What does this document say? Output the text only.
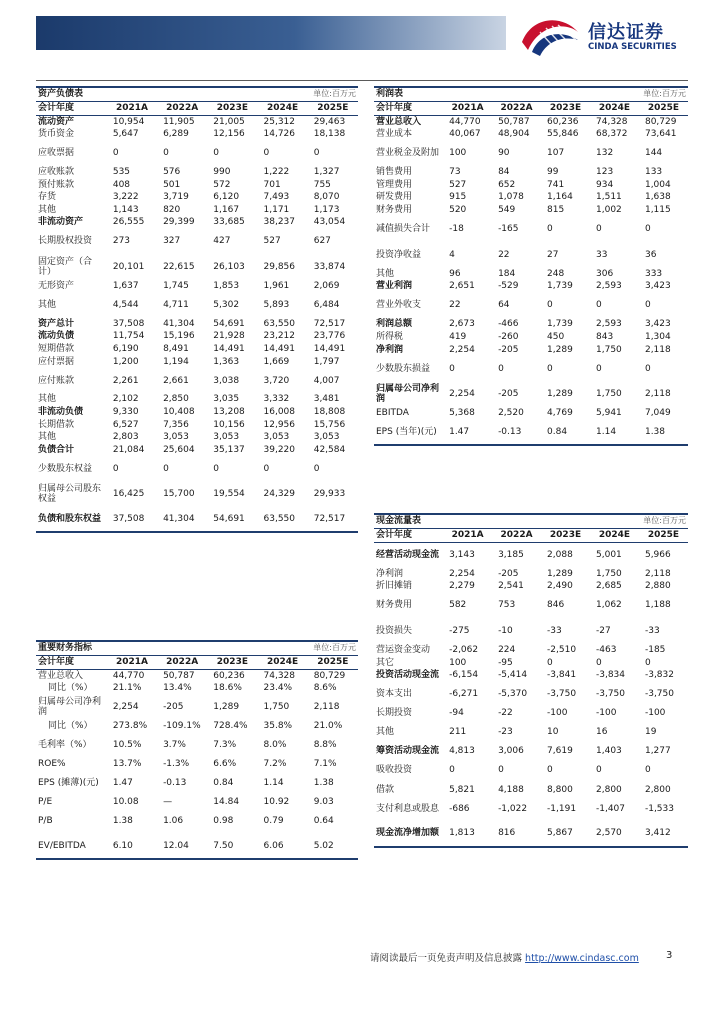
信达证券
CINDA SECURITIES
资产负债表			单位:百万元		
会计年度	2021A	2022A	2023E	2024E	2025E
流动资产	10,954	11,905	21,005	25,312	29,463
货币资金	5,647	6,289	12,156	14,726	18,138
应收票据	0	0	0	0	0
应收账款	535	576	990	1,222	1,327
预付账款	408	501	572	701	755
存货	3,222	3,719	6,120	7,493	8,070
其他	1,143	820	1,167	1,171	1,173
非流动资产	26,555	29,399	33,685	38,237	43,054
长期股权投资	273	327	427	527	627
固定资产（合计）	20,101	22,615	26,103	29,856	33,874
无形资产	1,637	1,745	1,853	1,961	2,069
其他	4,544	4,711	5,302	5,893	6,484
资产总计	37,508	41,304	54,691	63,550	72,517
流动负债	11,754	15,196	21,928	23,212	23,776
短期借款	6,190	8,491	14,491	14,491	14,491
应付票据	1,200	1,194	1,363	1,669	1,797
应付账款	2,261	2,661	3,038	3,720	4,007
其他	2,102	2,850	3,035	3,332	3,481
非流动负债	9,330	10,408	13,208	16,008	18,808
长期借款	6,527	7,356	10,156	12,956	15,756
其他	2,803	3,053	3,053	3,053	3,053
负债合计	21,084	25,604	35,137	39,220	42,584
少数股东权益	0	0	0	0	0
归属母公司股东权益	16,425	15,700	19,554	24,329	29,933
负债和股东权益	37,508	41,304	54,691	63,550	72,517
利润表			单位:百万元		
会计年度	2021A	2022A	2023E	2024E	2025E
营业总收入	44,770	50,787	60,236	74,328	80,729
营业成本	40,067	48,904	55,846	68,372	73,641
营业税金及附加	100	90	107	132	144
销售费用	73	84	99	123	133
管理费用	527	652	741	934	1,004
研发费用	915	1,078	1,164	1,511	1,638
财务费用	520	549	815	1,002	1,115
减值损失合计	-18	-165	0	0	0
投资净收益	4	22	27	33	36
其他	96	184	248	306	333
营业利润	2,651	-529	1,739	2,593	3,423
营业外收支	22	64	0	0	0
利润总额	2,673	-466	1,739	2,593	3,423
所得税	419	-260	450	843	1,304
净利润	2,254	-205	1,289	1,750	2,118
少数股东损益	0	0	0	0	0
归属母公司净利润	2,254	-205	1,289	1,750	2,118
EBITDA	5,368	2,520	4,769	5,941	7,049
EPS (当年)(元)	1.47	-0.13	0.84	1.14	1.38
重要财务指标			单位:百万元		
会计年度	2021A	2022A	2023E	2024E	2025E
营业总收入	44,770	50,787	60,236	74,328	80,729
同比（%）	21.1%	13.4%	18.6%	23.4%	8.6%
归属母公司净利润	2,254	-205	1,289	1,750	2,118
同比（%）	273.8%	-109.1%	728.4%	35.8%	21.0%
毛利率（%）	10.5%	3.7%	7.3%	8.0%	8.8%
ROE%	13.7%	-1.3%	6.6%	7.2%	7.1%
EPS (摊薄)(元)	1.47	-0.13	0.84	1.14	1.38
P/E	10.08	—	14.84	10.92	9.03
P/B	1.38	1.06	0.98	0.79	0.64
EV/EBITDA	6.10	12.04	7.50	6.06	5.02
现金流量表			单位:百万元		
会计年度	2021A	2022A	2023E	2024E	2025E
经营活动现金流	3,143	3,185	2,088	5,001	5,966
净利润	2,254	-205	1,289	1,750	2,118
折旧摊销	2,279	2,541	2,490	2,685	2,880
财务费用	582	753	846	1,062	1,188
投资损失	-275	-10	-33	-27	-33
营运资金变动	-2,062	224	-2,510	-463	-185
其它	100	-95	0	0	0
投资活动现金流	-6,154	-5,414	-3,841	-3,834	-3,832
资本支出	-6,271	-5,370	-3,750	-3,750	-3,750
长期投资	-94	-22	-100	-100	-100
其他	211	-23	10	16	19
筹资活动现金流	4,813	3,006	7,619	1,403	1,277
吸收投资	0	0	0	0	0
借款	5,821	4,188	8,800	2,800	2,800
支付利息或股息	-686	-1,022	-1,191	-1,407	-1,533
现金流净增加额	1,813	816	5,867	2,570	3,412
请阅读最后一页免责声明及信息披露 http://www.cindasc.com	3
